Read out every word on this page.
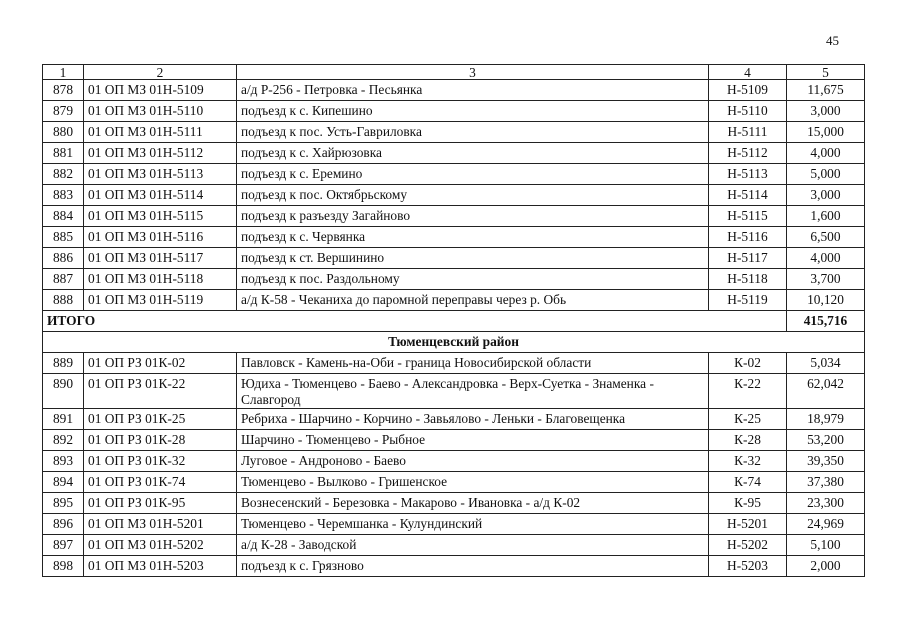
45
1	2	3	4	5
878	01 ОП МЗ 01Н-5109	а/д Р-256 - Петровка - Песьянка	Н-5109	11,675
879	01 ОП МЗ 01Н-5110	подъезд к с. Кипешино	Н-5110	3,000
880	01 ОП МЗ 01Н-5111	подъезд к пос. Усть-Гавриловка	Н-5111	15,000
881	01 ОП МЗ 01Н-5112	подъезд к с. Хайрюзовка	Н-5112	4,000
882	01 ОП МЗ 01Н-5113	подъезд к с. Еремино	Н-5113	5,000
883	01 ОП МЗ 01Н-5114	подъезд к пос. Октябрьскому	Н-5114	3,000
884	01 ОП МЗ 01Н-5115	подъезд к разъезду Загайново	Н-5115	1,600
885	01 ОП МЗ 01Н-5116	подъезд к с. Червянка	Н-5116	6,500
886	01 ОП МЗ 01Н-5117	подъезд к ст. Вершинино	Н-5117	4,000
887	01 ОП МЗ 01Н-5118	подъезд к пос. Раздольному	Н-5118	3,700
888	01 ОП МЗ 01Н-5119	а/д К-58 - Чеканиха до паромной переправы через р. Обь	Н-5119	10,120
ИТОГО				415,716
Тюменцевский район				
889	01 ОП РЗ 01К-02	Павловск - Камень-на-Оби - граница Новосибирской области	К-02	5,034
890	01 ОП РЗ 01К-22	Юдиха - Тюменцево - Баево - Александровка - Верх-Суетка - Знаменка - Славгород	К-22	62,042
891	01 ОП РЗ 01К-25	Ребриха - Шарчино - Корчино - Завьялово - Леньки - Благовещенка	К-25	18,979
892	01 ОП РЗ 01К-28	Шарчино - Тюменцево - Рыбное	К-28	53,200
893	01 ОП РЗ 01К-32	Луговое - Андроново - Баево	К-32	39,350
894	01 ОП РЗ 01К-74	Тюменцево - Вылково - Гришенское	К-74	37,380
895	01 ОП РЗ 01К-95	Вознесенский - Березовка - Макарово - Ивановка - а/д К-02	К-95	23,300
896	01 ОП МЗ 01Н-5201	Тюменцево - Черемшанка - Кулундинский	Н-5201	24,969
897	01 ОП МЗ 01Н-5202	а/д К-28 - Заводской	Н-5202	5,100
898	01 ОП МЗ 01Н-5203	подъезд к с. Грязново	Н-5203	2,000
